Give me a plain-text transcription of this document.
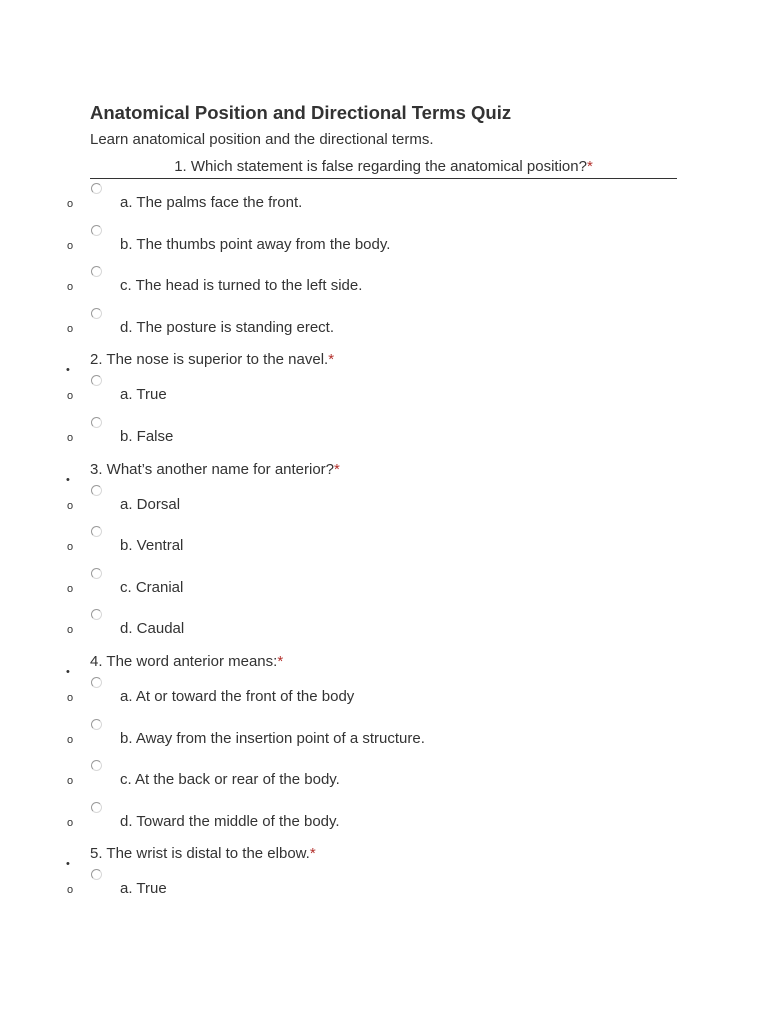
Anatomical Position and Directional Terms Quiz

Learn anatomical position and the directional terms.

1. Which statement is false regarding the anatomical position?*
o	a. The palms face the front.
o	b. The thumbs point away from the body.
o	c. The head is turned to the left side.
o	d. The posture is standing erect.
•
2. The nose is superior to the navel.*
o	a. True
o	b. False
•
3. What’s another name for anterior?*
o	a. Dorsal
o	b. Ventral
o	c. Cranial
o	d. Caudal
•
4. The word anterior means:*
o	a. At or toward the front of the body
o	b. Away from the insertion point of a structure.
o	c. At the back or rear of the body.
o	d. Toward the middle of the body.
•
5. The wrist is distal to the elbow.*
o	a. True
